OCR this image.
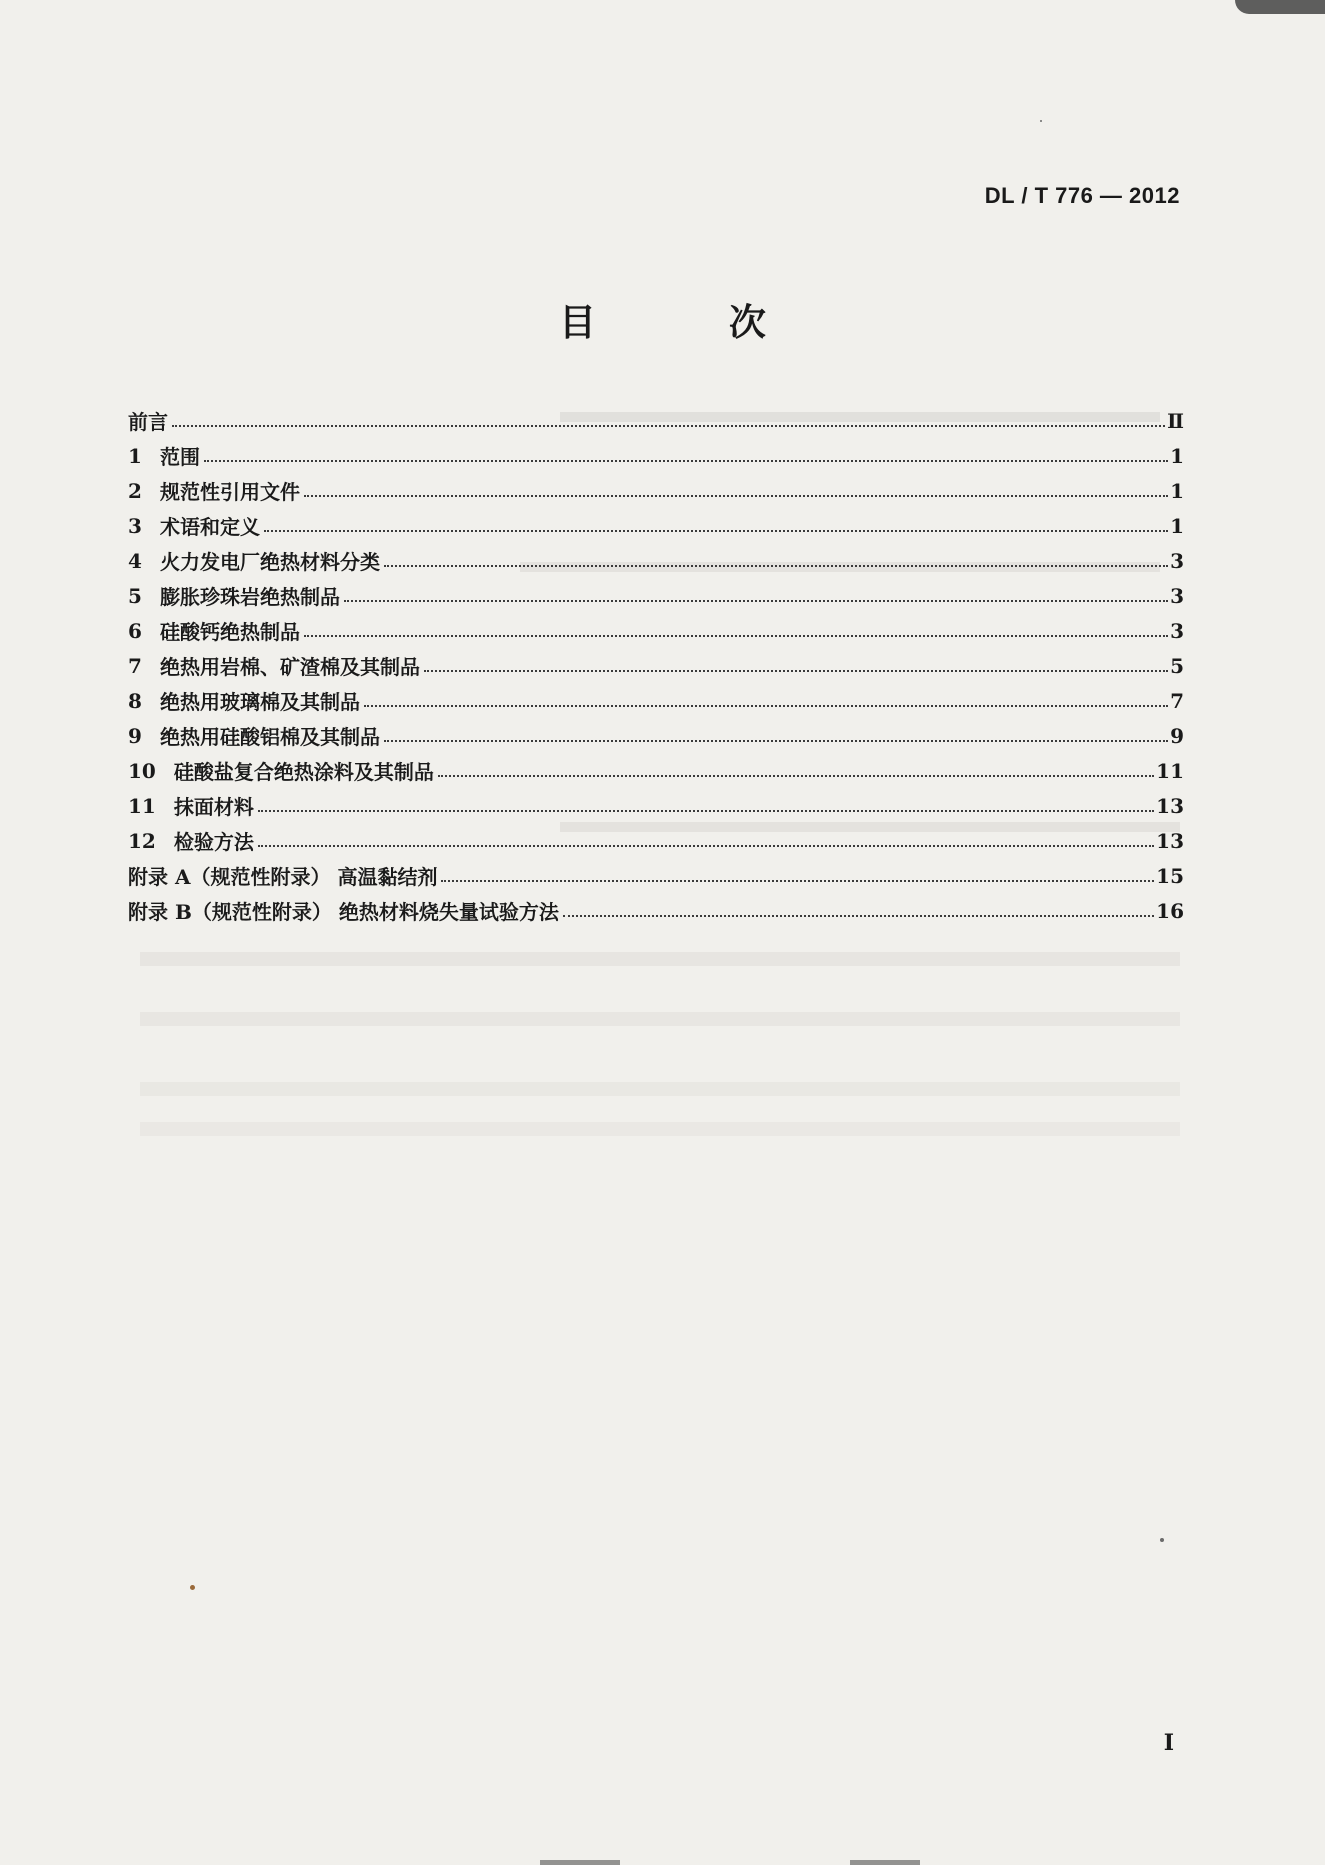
DL / T 776 — 2012
目 次
前言	Ⅱ
1 范围	1
2 规范性引用文件	1
3 术语和定义	1
4 火力发电厂绝热材料分类	3
5 膨胀珍珠岩绝热制品	3
6 硅酸钙绝热制品	3
7 绝热用岩棉、矿渣棉及其制品	5
8 绝热用玻璃棉及其制品	7
9 绝热用硅酸铝棉及其制品	9
10 硅酸盐复合绝热涂料及其制品	11
11 抹面材料	13
12 检验方法	13
附录 A（规范性附录） 高温黏结剂	15
附录 B（规范性附录） 绝热材料烧失量试验方法	16
I
